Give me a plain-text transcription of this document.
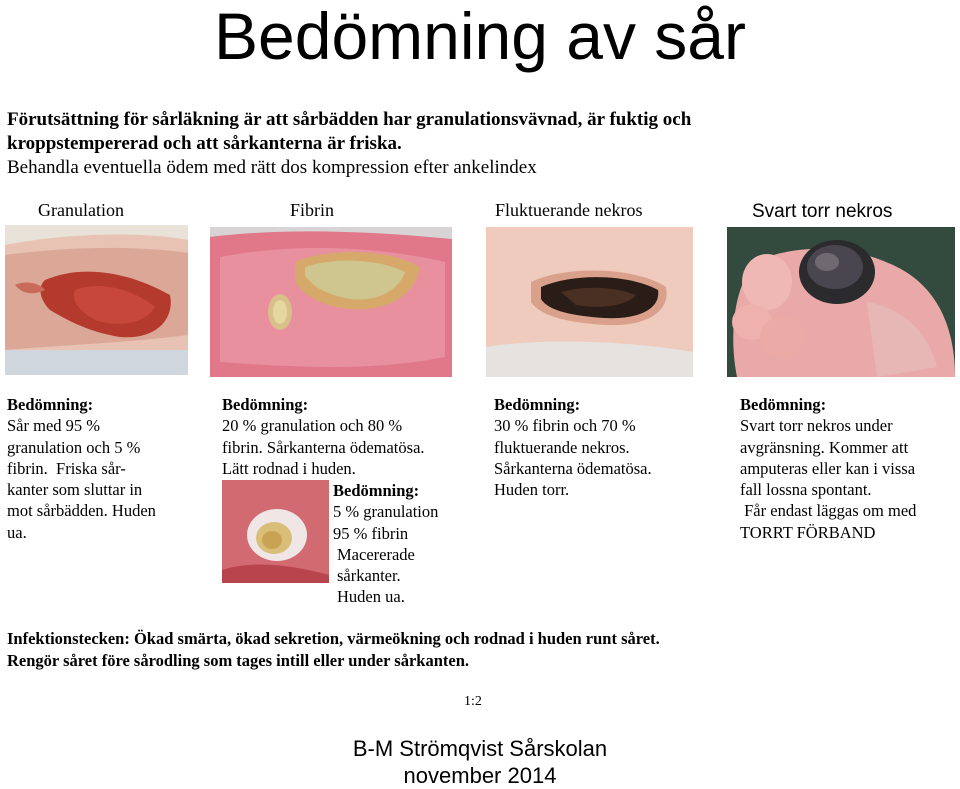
Bedömning av sår
Förutsättning för sårläkning är att sårbädden har granulationsvävnad, är fuktig och
kroppstempererad och att sårkanterna är friska.
Behandla eventuella ödem med rätt dos kompression efter ankelindex
Granulation	Fibrin	Fluktuerande nekros	Svart torr nekros
Bedömning:
Sår med 95 %
granulation och 5 %
fibrin.  Friska sår-
kanter som sluttar in
mot sårbädden. Huden
ua.
Bedömning:
20 % granulation och 80 %
fibrin. Sårkanterna ödematösa.
Lätt rodnad i huden.
Bedömning:
5 % granulation
95 % fibrin
Macererade
sårkanter.
Huden ua.
Bedömning:
30 % fibrin och 70 %
fluktuerande nekros.
Sårkanterna ödematösa.
Huden torr.
Bedömning:
Svart torr nekros under
avgränsning. Kommer att
amputeras eller kan i vissa
fall lossna spontant.
Får endast läggas om med
TORRT FÖRBAND
Infektionstecken: Ökad smärta, ökad sekretion, värmeökning och rodnad i huden runt såret.
Rengör såret före sårodling som tages intill eller under sårkanten.
1:2
B-M Strömqvist Sårskolan
november 2014
